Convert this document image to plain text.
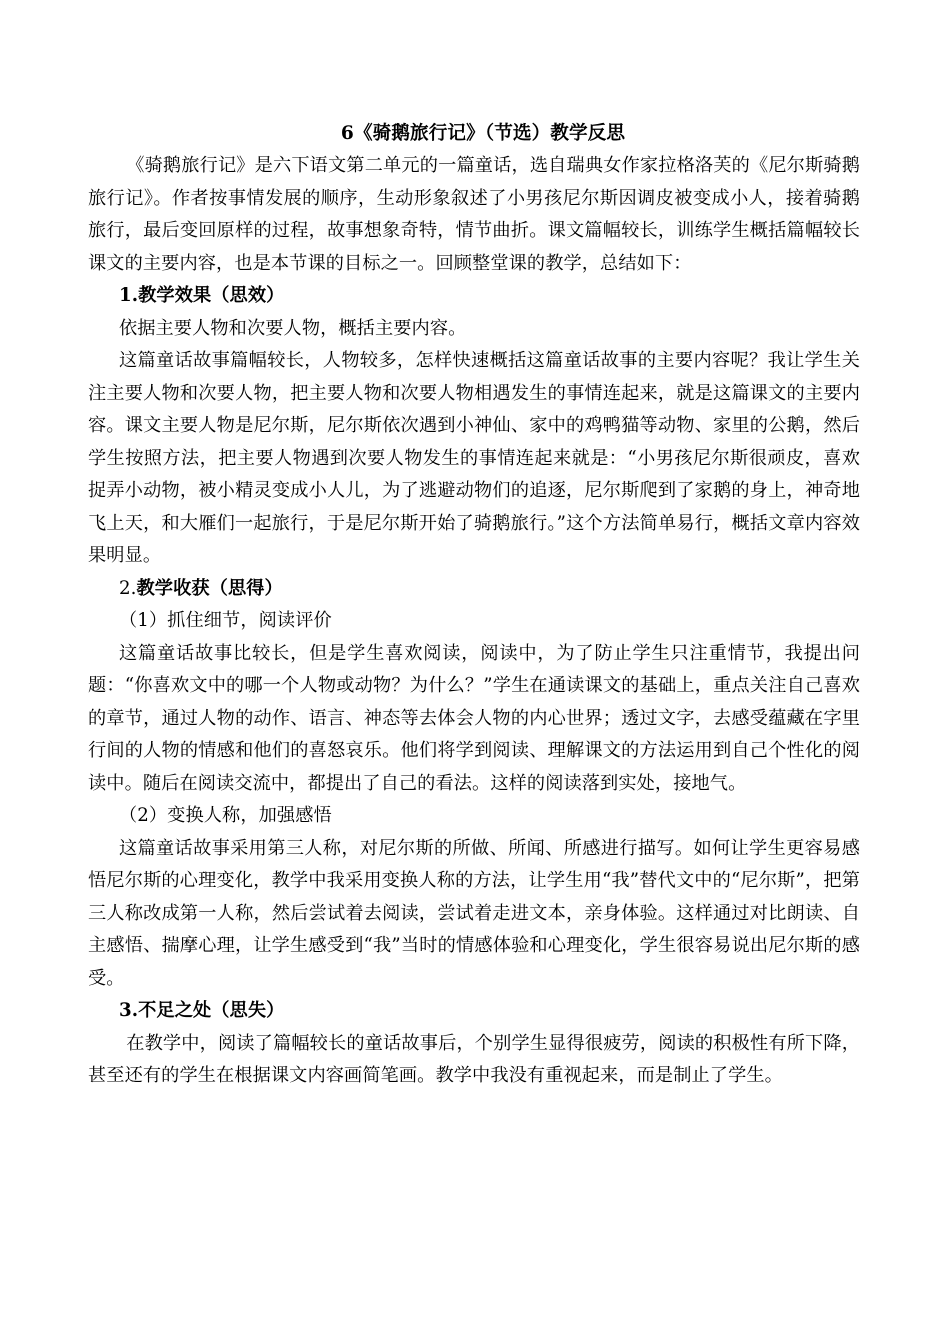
6《骑鹅旅行记》（节选）教学反思

《骑鹅旅行记》是六下语文第二单元的一篇童话，选自瑞典女作家拉格洛芙的《尼尔斯骑鹅旅行记》。作者按事情发展的顺序，生动形象叙述了小男孩尼尔斯因调皮被变成小人，接着骑鹅旅行，最后变回原样的过程，故事想象奇特，情节曲折。课文篇幅较长，训练学生概括篇幅较长课文的主要内容，也是本节课的目标之一。回顾整堂课的教学，总结如下：

1.教学效果（思效）

依据主要人物和次要人物，概括主要内容。

这篇童话故事篇幅较长，人物较多，怎样快速概括这篇童话故事的主要内容呢？我让学生关注主要人物和次要人物，把主要人物和次要人物相遇发生的事情连起来，就是这篇课文的主要内容。课文主要人物是尼尔斯，尼尔斯依次遇到小神仙、家中的鸡鸭猫等动物、家里的公鹅，然后学生按照方法，把主要人物遇到次要人物发生的事情连起来就是：“小男孩尼尔斯很顽皮，喜欢捉弄小动物，被小精灵变成小人儿，为了逃避动物们的追逐，尼尔斯爬到了家鹅的身上，神奇地飞上天，和大雁们一起旅行，于是尼尔斯开始了骑鹅旅行。”这个方法简单易行，概括文章内容效果明显。

2.教学收获（思得）

（1）抓住细节，阅读评价

这篇童话故事比较长，但是学生喜欢阅读，阅读中，为了防止学生只注重情节，我提出问题：“你喜欢文中的哪一个人物或动物？为什么？”学生在通读课文的基础上，重点关注自己喜欢的章节，通过人物的动作、语言、神态等去体会人物的内心世界；透过文字，去感受蕴藏在字里行间的人物的情感和他们的喜怒哀乐。他们将学到阅读、理解课文的方法运用到自己个性化的阅读中。随后在阅读交流中，都提出了自己的看法。这样的阅读落到实处，接地气。

（2）变换人称，加强感悟

这篇童话故事采用第三人称，对尼尔斯的所做、所闻、所感进行描写。如何让学生更容易感悟尼尔斯的心理变化，教学中我采用变换人称的方法，让学生用“我”替代文中的“尼尔斯”，把第三人称改成第一人称，然后尝试着去阅读，尝试着走进文本，亲身体验。这样通过对比朗读、自主感悟、揣摩心理，让学生感受到“我”当时的情感体验和心理变化，学生很容易说出尼尔斯的感受。

3.不足之处（思失）

在教学中，阅读了篇幅较长的童话故事后，个别学生显得很疲劳，阅读的积极性有所下降，甚至还有的学生在根据课文内容画简笔画。教学中我没有重视起来，而是制止了学生。
